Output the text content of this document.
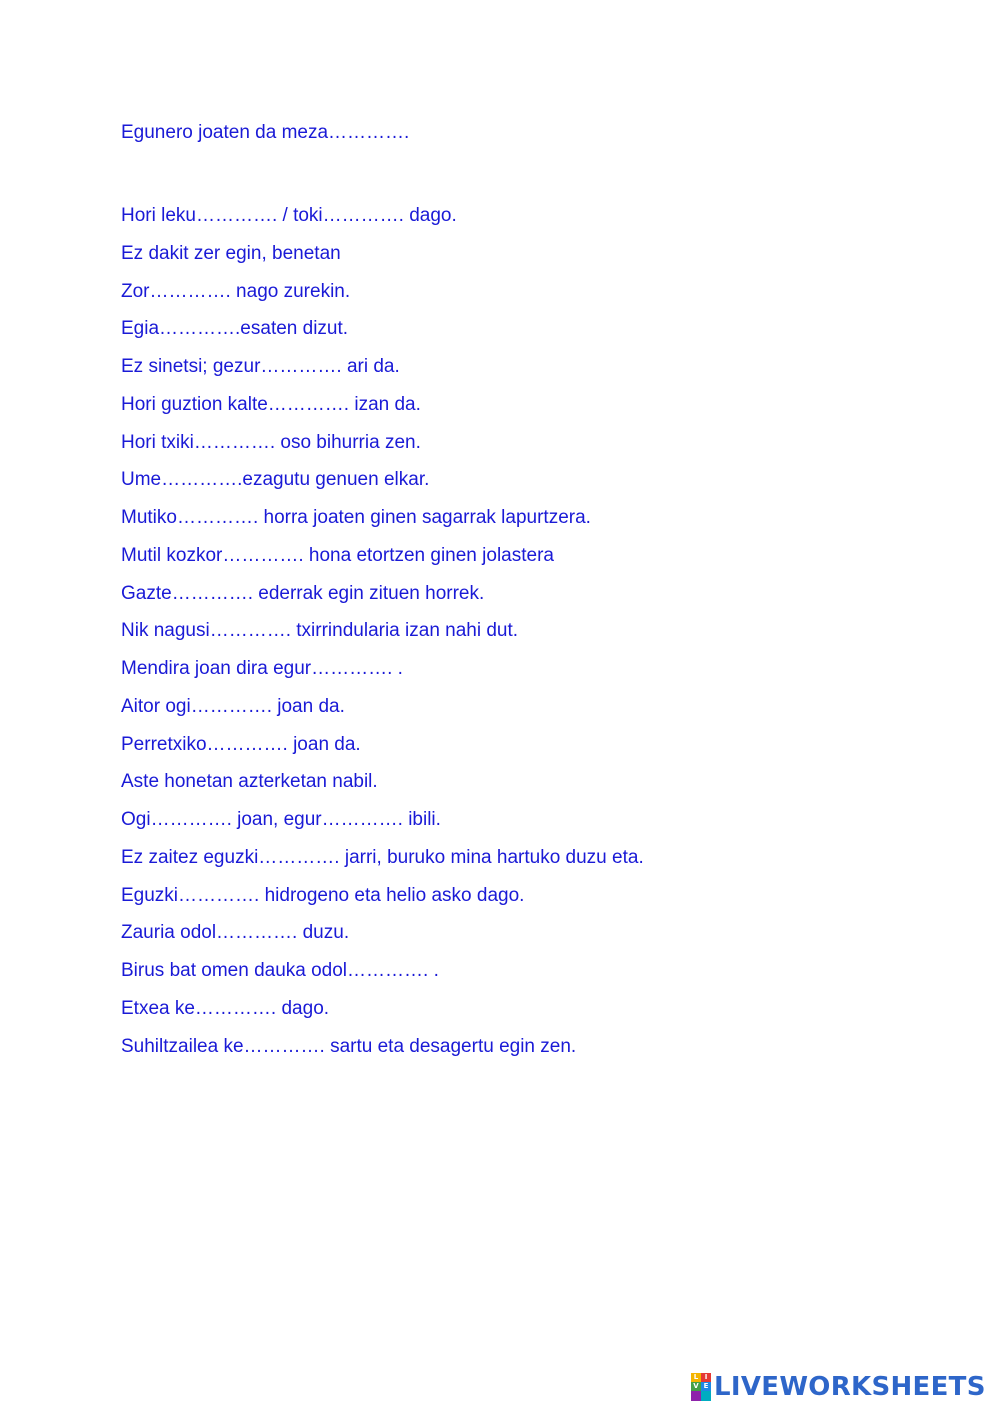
Egunero joaten da meza………….
Hori leku…………. / toki…………. dago.
Ez dakit zer egin, benetan
Zor…………. nago zurekin.
Egia………….esaten dizut.
Ez sinetsi; gezur…………. ari da.
Hori guztion kalte…………. izan da.
Hori txiki…………. oso bihurria zen.
Ume………….ezagutu genuen elkar.
Mutiko…………. horra joaten ginen sagarrak lapurtzera.
Mutil kozkor…………. hona etortzen ginen jolastera
Gazte…………. ederrak egin zituen horrek.
Nik nagusi…………. txirrindularia izan nahi dut.
Mendira joan dira egur…………. .
Aitor ogi…………. joan da.
Perretxiko…………. joan da.
Aste honetan azterketan nabil.
Ogi…………. joan, egur…………. ibili.
Ez zaitez eguzki…………. jarri, buruko mina hartuko duzu eta.
Eguzki…………. hidrogeno eta helio asko dago.
Zauria odol…………. duzu.
Birus bat omen dauka odol…………. .
Etxea ke…………. dago.
Suhiltzailea ke…………. sartu eta desagertu egin zen.
L I
V E LIVEWORKSHEETS
